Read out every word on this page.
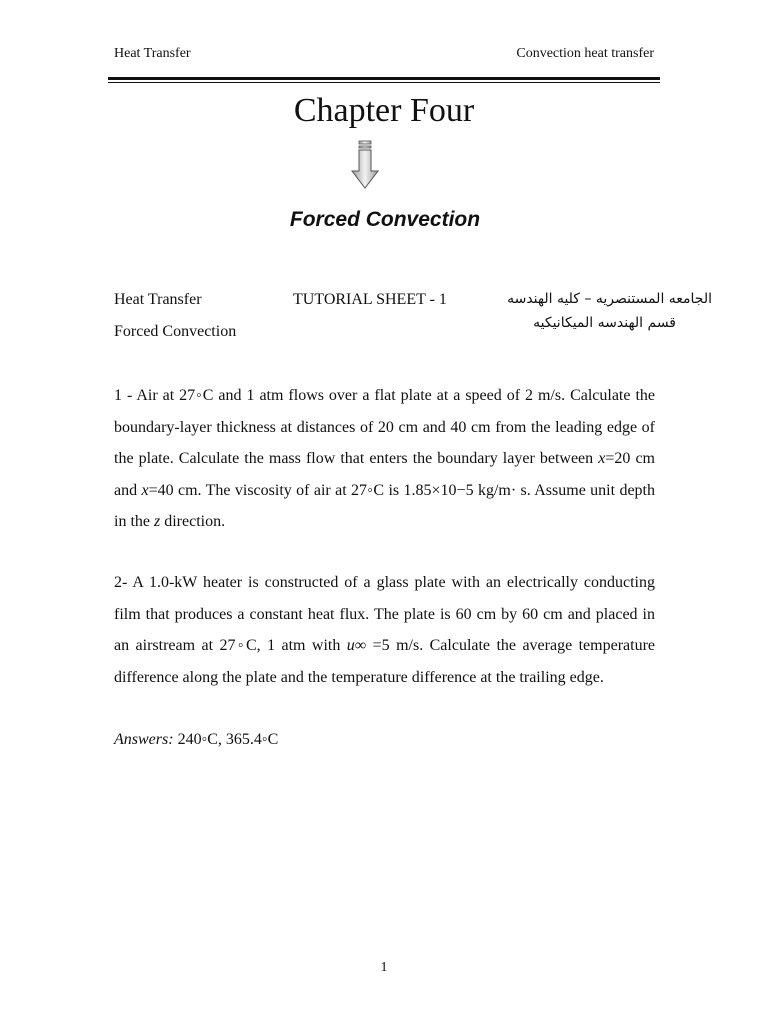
Heat Transfer	Convection heat transfer
Chapter Four
Forced Convection
Heat Transfer
Forced Convection
TUTORIAL SHEET - 1	الجامعه المستنصريه – كليه الهندسه
قسم الهندسه الميكانيكيه

1 - Air at 27◦C and 1 atm flows over a flat plate at a speed of 2 m/s. Calculate the boundary-layer thickness at distances of 20 cm and 40 cm from the leading edge of the plate. Calculate the mass flow that enters the boundary layer between x=20 cm and x=40 cm. The viscosity of air at 27◦C is 1.85×10−5 kg/m· s. Assume unit depth in the z direction.

2- A 1.0-kW heater is constructed of a glass plate with an electrically conducting film that produces a constant heat flux. The plate is 60 cm by 60 cm and placed in an airstream at 27◦C, 1 atm with u∞ =5 m/s. Calculate the average temperature difference along the plate and the temperature difference at the trailing edge.

Answers: 240◦C, 365.4◦C
1
